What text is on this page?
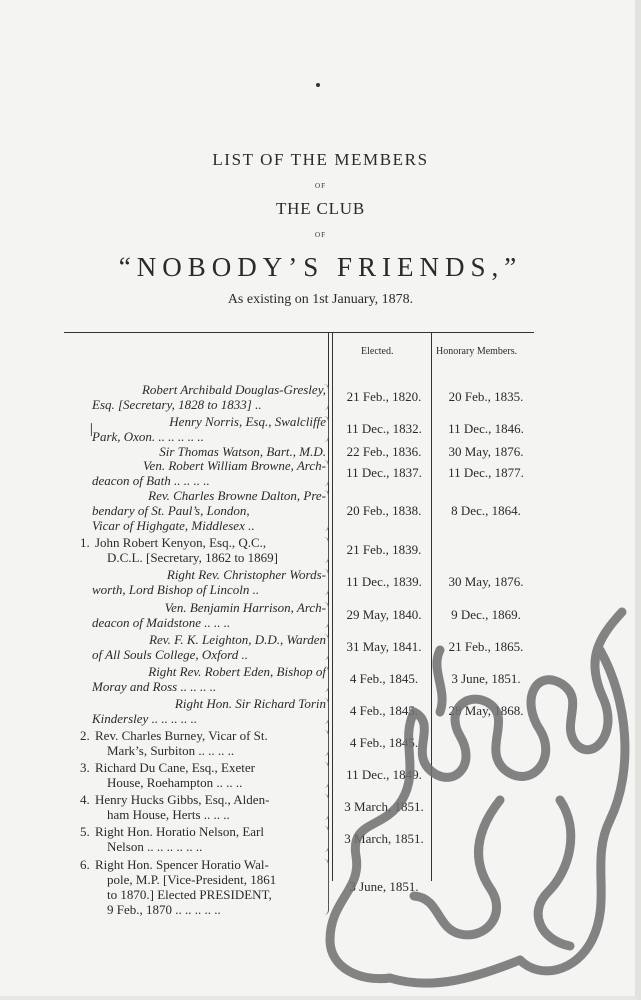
LIST OF THE MEMBERS
OF
THE CLUB
OF
“NOBODY’S FRIENDS,”
As existing on 1st January, 1878.
Elected.	Honorary Members.
Robert Archibald Douglas-Gresley,
Esq. [Secretary, 1828 to 1833] ..
21 Feb., 1820.	20 Feb., 1835.
Henry Norris, Esq., Swalcliffe
Park, Oxon. .. .. .. .. ..
11 Dec., 1832.	11 Dec., 1846.
Sir Thomas Watson, Bart., M.D.	22 Feb., 1836.	30 May, 1876.
Ven. Robert William Browne, Arch-
deacon of Bath .. .. .. ..
11 Dec., 1837.	11 Dec., 1877.
Rev. Charles Browne Dalton, Pre-
bendary of St. Paul’s, London,
Vicar of Highgate, Middlesex ..
20 Feb., 1838.	8 Dec., 1864.
1. John Robert Kenyon, Esq., Q.C.,
D.C.L. [Secretary, 1862 to 1869]
21 Feb., 1839.
Right Rev. Christopher Words-
worth, Lord Bishop of Lincoln ..
11 Dec., 1839.	30 May, 1876.
Ven. Benjamin Harrison, Arch-
deacon of Maidstone .. .. ..
29 May, 1840.	9 Dec., 1869.
Rev. F. K. Leighton, D.D., Warden
of All Souls College, Oxford ..
31 May, 1841.	21 Feb., 1865.
Right Rev. Robert Eden, Bishop of
Moray and Ross .. .. .. ..
4 Feb., 1845.	3 June, 1851.
Right Hon. Sir Richard Torin
Kindersley .. .. .. .. ..
4 Feb., 1845.	28 May, 1868.
2. Rev. Charles Burney, Vicar of St.
Mark’s, Surbiton .. .. .. ..
4 Feb., 1845.
3. Richard Du Cane, Esq., Exeter
House, Roehampton .. .. ..
11 Dec., 1849.
4. Henry Hucks Gibbs, Esq., Alden-
ham House, Herts .. .. ..
3 March, 1851.
5. Right Hon. Horatio Nelson, Earl
Nelson .. .. .. .. .. ..
3 March, 1851.
6. Right Hon. Spencer Horatio Wal-
pole, M.P. [Vice-President, 1861
to 1870.] Elected PRESIDENT,
9 Feb., 1870 .. .. .. .. ..
3 June, 1851.
❘
